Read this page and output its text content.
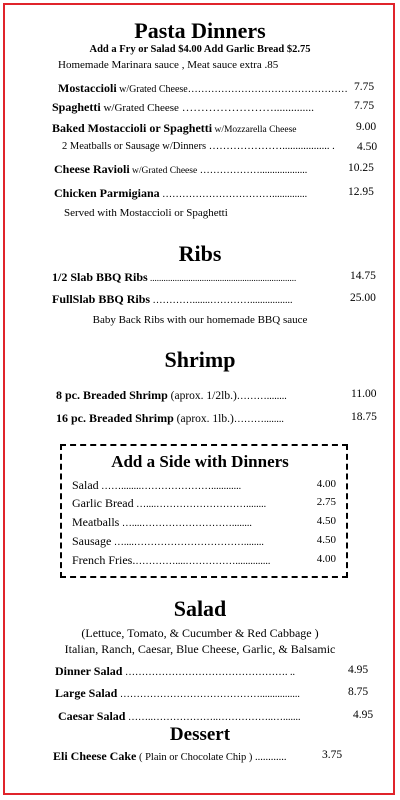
Pasta Dinners
Add a Fry or Salad $4.00 Add Garlic Bread $2.75
Homemade Marinara sauce , Meat sauce extra .85
Mostaccioli w/Grated Cheese………………………………………… 7.75
Spaghetti w/Grated Cheese ……………………..............	7.75
Baked Mostaccioli or Spaghetti w/Mozzarella Cheese	9.00
2 Meatballs or Sausage w/Dinners ………………….................. . 4.50
Cheese Ravioli w/Grated Cheese ………………...................	10.25
Chicken Parmigiana ……………………………..............	12.95
Served with Mostaccioli or Spaghetti
Ribs
1/2 Slab BBQ Ribs .................................................................	14.75
FullSlab BBQ Ribs ………….......………….................	25.00
Baby Back Ribs with our homemade BBQ sauce
Shrimp
8 pc. Breaded Shrimp (aprox. 1/2lb.)………........	11.00
16 pc. Breaded Shrimp (aprox. 1lb.)………........	18.75
Add a Side with Dinners
Salad ……........…………………............	4.00
Garlic Bread …....………………………........	2.75
Meatballs …....………………………........	4.50
Sausage …....……………………………........	4.50
French Fries.…………....……………..............	4.00
Salad
(Lettuce, Tomato, & Cucumber & Red Cabbage )
Italian, Ranch, Caesar, Blue Cheese, Garlic, & Balsamic
Dinner Salad …………………………………………. ..	4.95
Large Salad ……………………………………................	8.75
Caesar Salad ……..………………..……………..….......	4.95
Dessert
Eli Cheese Cake ( Plain or Chocolate Chip ) ............	3.75
